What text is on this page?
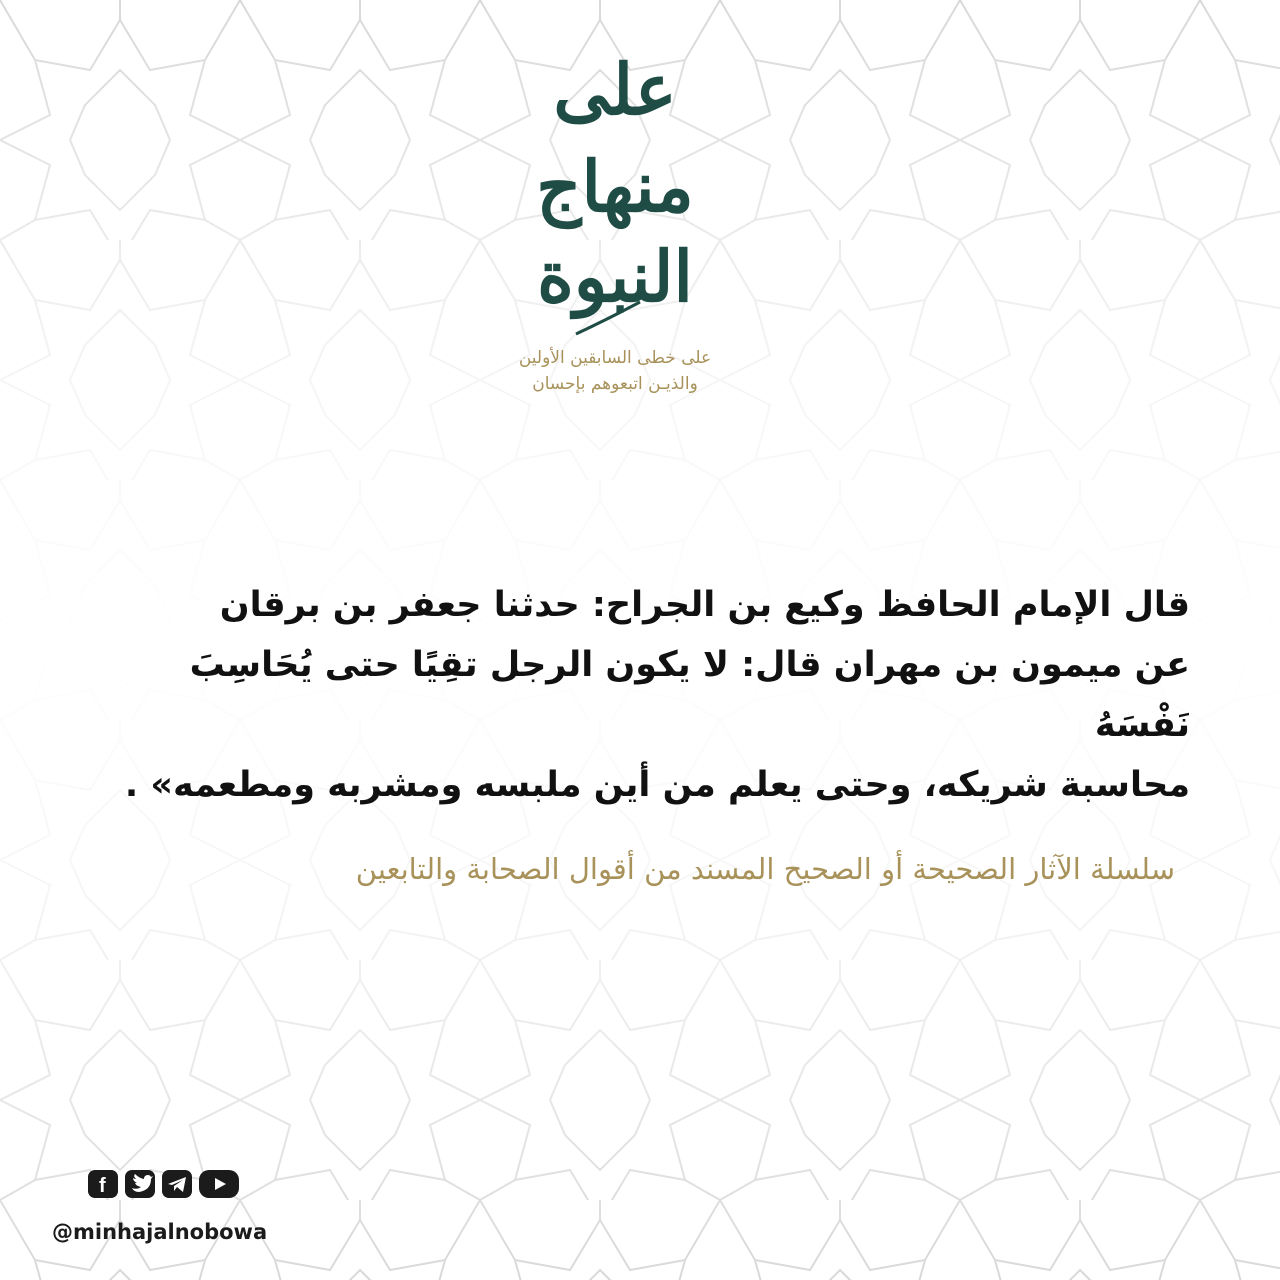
على
منهاج
النبوة
على خطى السابقين الأولين
والذيـن اتبعوهم بإحسان
قال الإمام الحافظ وكيع بن الجراح: حدثنا جعفر بن برقان
عن ميمون بن مهران قال: لا يكون الرجل تقِيًا حتى يُحَاسِبَ نَفْسَهُ
محاسبة شريكه، وحتى يعلم من أين ملبسه ومشربه ومطعمه» .
سلسلة الآثار الصحيحة أو الصحيح المسند من أقوال الصحابة والتابعين
f
@minhajalnobowa
